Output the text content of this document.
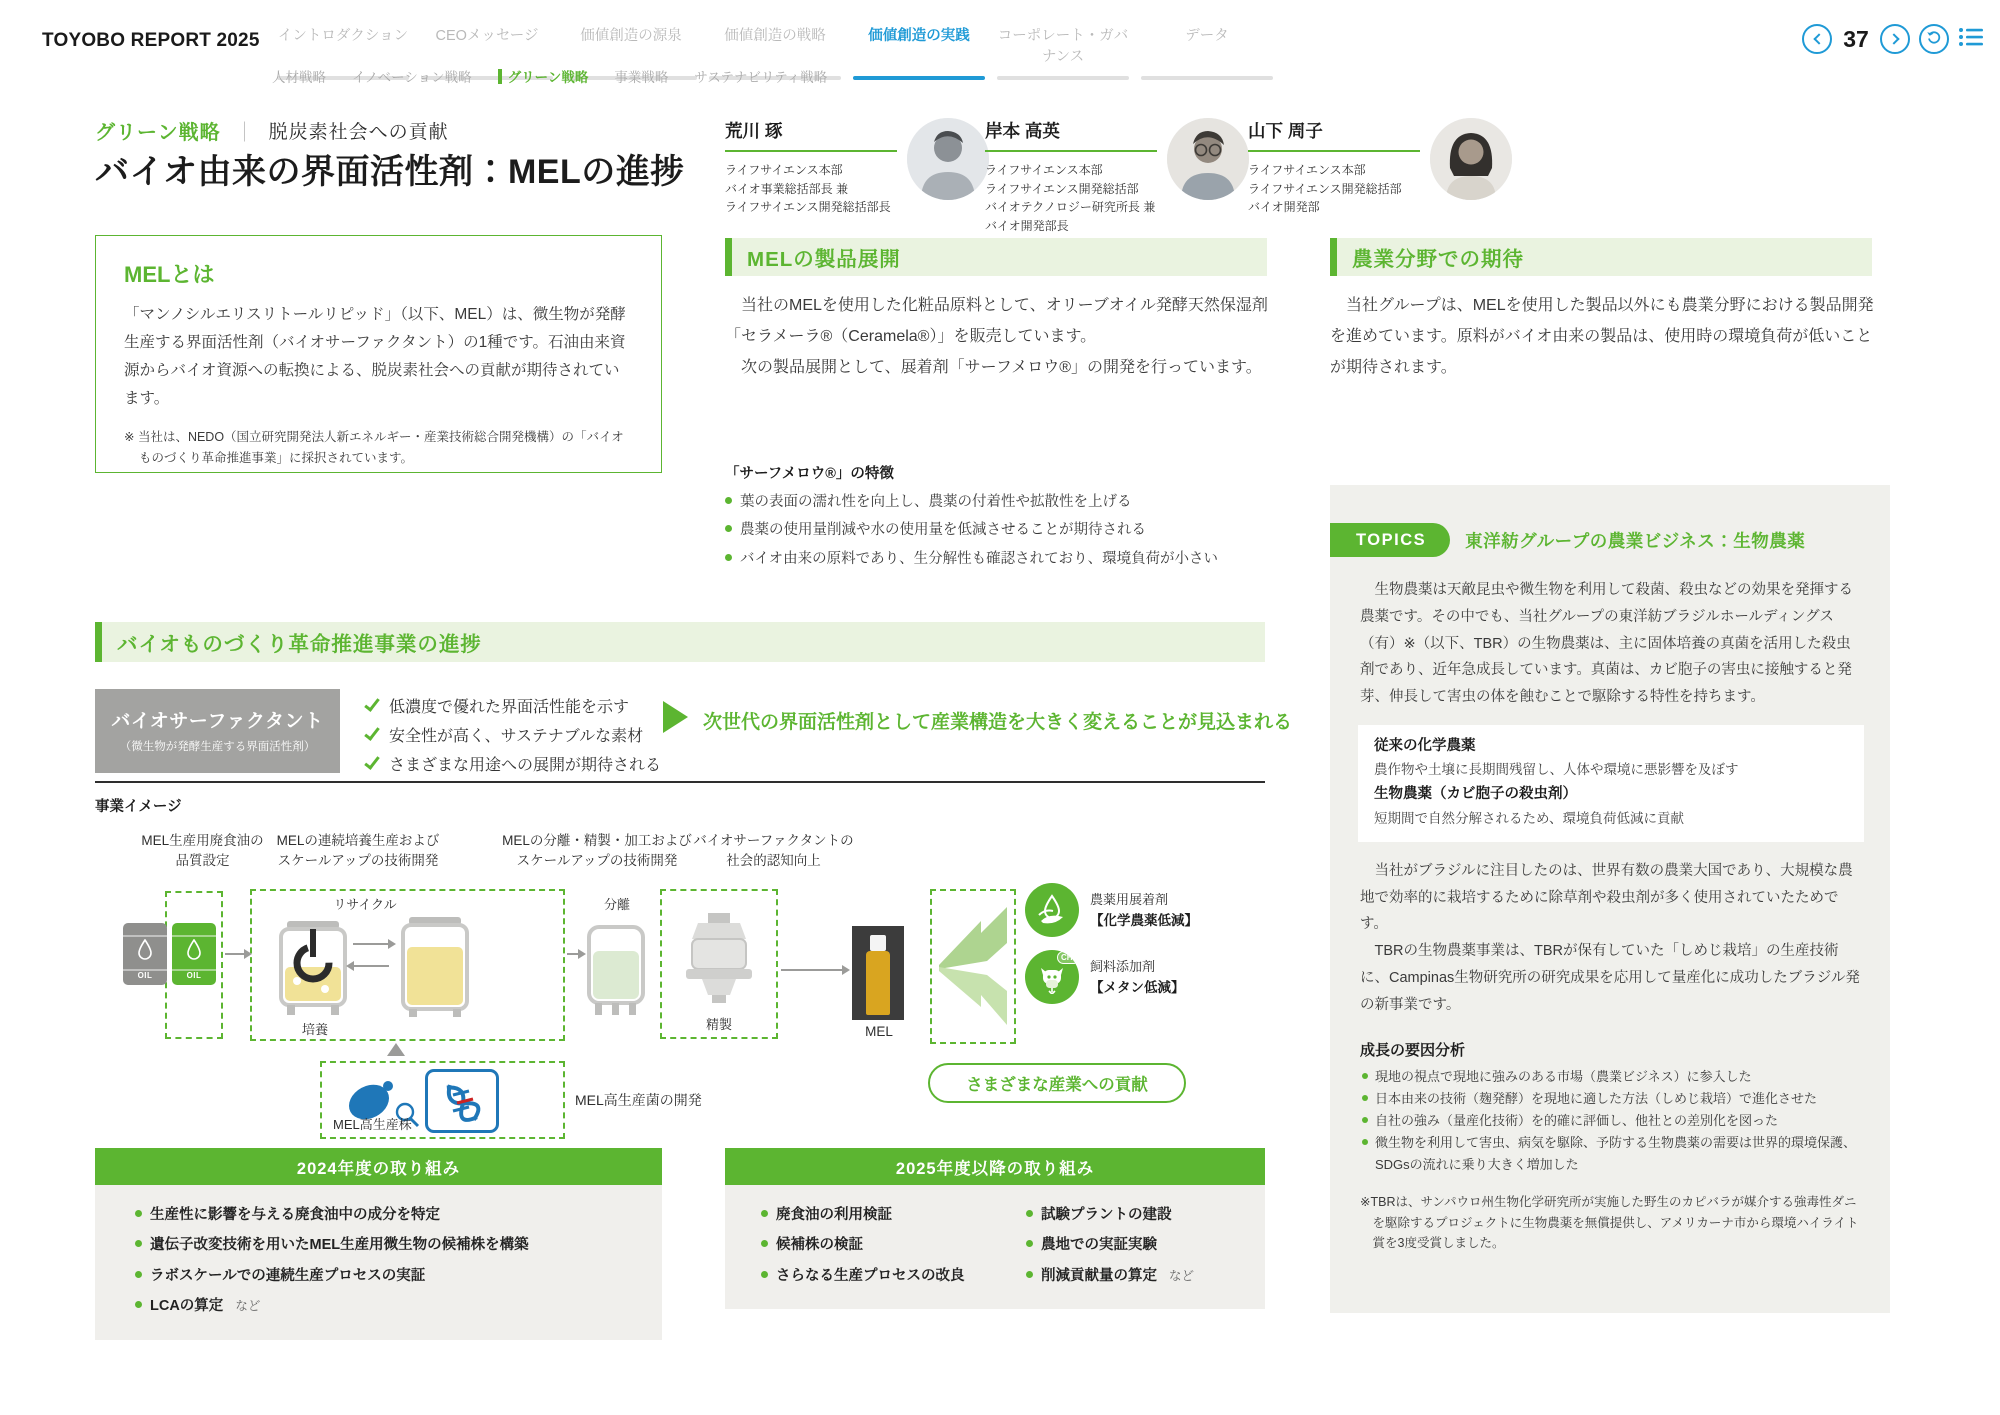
TOYOBO REPORT 2025	イントロダクション	CEOメッセージ	価値創造の源泉	価値創造の戦略	価値創造の実践	コーポレート・ガバナンス
データ
人材戦略 イノベーション戦略	グリーン戦略 事業戦略 サステナビリティ戦略
37
グリーン戦略 ｜ 脱炭素社会への貢献
バイオ由来の界面活性剤：MELの進捗
荒川 琢
ライフサイエンス本部
バイオ事業総括部長 兼
ライフサイエンス開発総括部長
岸本 高英
ライフサイエンス本部
ライフサイエンス開発総括部
バイオテクノロジー研究所長 兼
バイオ開発部長
山下 周子
ライフサイエンス本部
ライフサイエンス開発総括部
バイオ開発部
MELとは
「マンノシルエリスリトールリピッド」（以下、MEL）は、微生物が発酵生産する界面活性剤（バイオサーファクタント）の1種です。石油由来資源からバイオ資源への転換による、脱炭素社会への貢献が期待されています。
※ 当社は、NEDO（国立研究開発法人新エネルギー・産業技術総合開発機構）の「バイオものづくり革命推進事業」に採択されています。
MELの製品展開

当社のMELを使用した化粧品原料として、オリーブオイル発酵天然保湿剤「セラメーラ®（Ceramela®）」を販売しています。

次の製品展開として、展着剤「サーフメロウ®」の開発を行っています。

「サーフメロウ®」の特徴
葉の表面の濡れ性を向上し、農薬の付着性や拡散性を上げる
農薬の使用量削減や水の使用量を低減させることが期待される
バイオ由来の原料であり、生分解性も確認されており、環境負荷が小さい
農業分野での期待

当社グループは、MELを使用した製品以外にも農業分野における製品開発を進めています。原料がバイオ由来の製品は、使用時の環境負荷が低いことが期待されます。

TOPICS	東洋紡グループの農業ビジネス：生物農薬

生物農薬は天敵昆虫や微生物を利用して殺菌、殺虫などの効果を発揮する農薬です。その中でも、当社グループの東洋紡ブラジルホールディングス（有）※（以下、TBR）の生物農薬は、主に固体培養の真菌を活用した殺虫剤であり、近年急成長しています。真菌は、カビ胞子の害虫に接触すると発芽、伸長して害虫の体を蝕むことで駆除する特性を持ちます。

従来の化学農薬
農作物や土壌に長期間残留し、人体や環境に悪影響を及ぼす
生物農薬（カビ胞子の殺虫剤）
短期間で自然分解されるため、環境負荷低減に貢献

当社がブラジルに注目したのは、世界有数の農業大国であり、大規模な農地で効率的に栽培するために除草剤や殺虫剤が多く使用されていたためです。

TBRの生物農薬事業は、TBRが保有していた「しめじ栽培」の生産技術に、Campinas生物研究所の研究成果を応用して量産化に成功したブラジル発の新事業です。

成長の要因分析
現地の視点で現地に強みのある市場（農業ビジネス）に参入した
日本由来の技術（麹発酵）を現地に適した方法（しめじ栽培）で進化させた
自社の強み（量産化技術）を的確に評価し、他社との差別化を図った
微生物を利用して害虫、病気を駆除、予防する生物農薬の需要は世界的環境保護、SDGsの流れに乗り大きく増加した
※TBRは、サンパウロ州生物化学研究所が実施した野生のカピバラが媒介する強毒性ダニを駆除するプロジェクトに生物農薬を無償提供し、アメリカーナ市から環境ハイライト賞を3度受賞しました。
バイオものづくり革命推進事業の進捗
バイオサーファクタント
（微生物が発酵生産する界面活性剤）
低濃度で優れた界面活性能を示す
安全性が高く、サステナブルな素材
さまざまな用途への展開が期待される
次世代の界面活性剤として産業構造を大きく変えることが見込まれる
事業イメージ
MEL生産用廃食油の
品質設定
MELの連続培養生産および
スケールアップの技術開発
MELの分離・精製・加工および
スケールアップの技術開発
バイオサーファクタントの
社会的認知向上
OIL	OIL
リサイクル
培養
分離
精製	MEL
CH₄
農薬用展着剤
【化学農薬低減】
飼料添加剤
【メタン低減】
MEL高生産株
MEL高生産菌の開発
さまざまな産業への貢献
2024年度の取り組み
生産性に影響を与える廃食油中の成分を特定
遺伝子改変技術を用いたMEL生産用微生物の候補株を構築
ラボスケールでの連続生産プロセスの実証
LCAの算定 など
2025年度以降の取り組み
廃食油の利用検証
候補株の検証
さらなる生産プロセスの改良
試験プラントの建設
農地での実証実験
削減貢献量の算定 など
